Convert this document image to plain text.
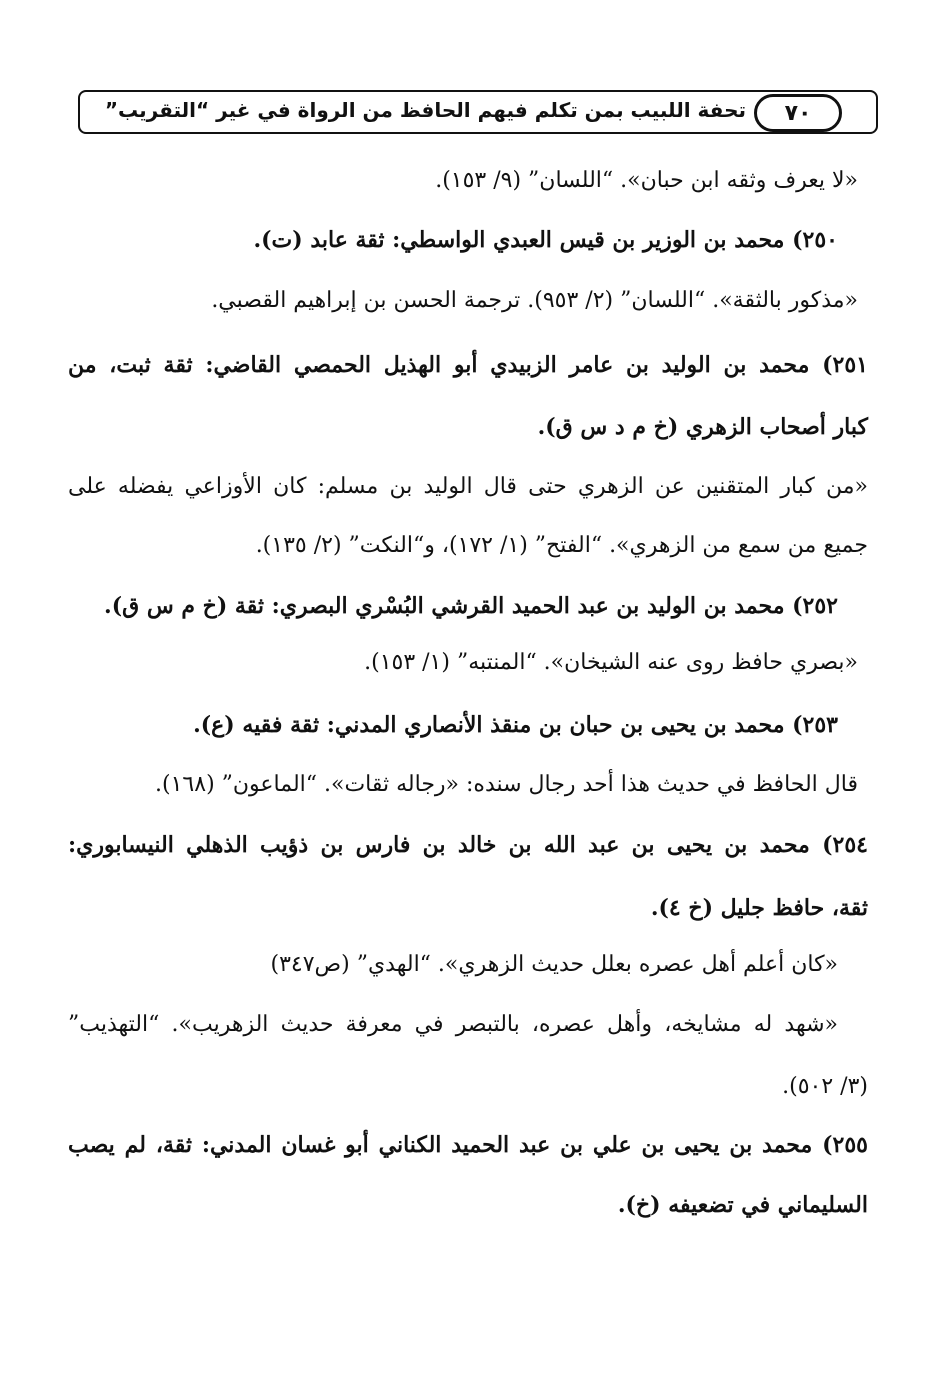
تحفة اللبيب بمن تكلم فيهم الحافظ من الرواة في غير “التقريب” ٧٠
«لا يعرف وثقه ابن حبان». “اللسان” (٩/ ١٥٣).
٢٥٠) محمد بن الوزير بن قيس العبدي الواسطي: ثقة عابد (ت).
«مذكور بالثقة». “اللسان” (٢/ ٩٥٣). ترجمة الحسن بن إبراهيم القصبي.
٢٥١) محمد بن الوليد بن عامر الزبيدي أبو الهذيل الحمصي القاضي: ثقة ثبت، من
كبار أصحاب الزهري (خ م د س ق).
«من كبار المتقنين عن الزهري حتى قال الوليد بن مسلم: كان الأوزاعي يفضله على
جميع من سمع من الزهري». “الفتح” (١/ ١٧٢)، و“النكت” (٢/ ١٣٥).
٢٥٢) محمد بن الوليد بن عبد الحميد القرشي البُسْري البصري: ثقة (خ م س ق).
«بصري حافظ روى عنه الشيخان». “المنتبه” (١/ ١٥٣).
٢٥٣) محمد بن يحيى بن حبان بن منقذ الأنصاري المدني: ثقة فقيه (ع).
قال الحافظ في حديث هذا أحد رجال سنده: «رجاله ثقات». “الماعون” (١٦٨).
٢٥٤) محمد بن يحيى بن عبد الله بن خالد بن فارس بن ذؤيب الذهلي النيسابوري:
ثقة، حافظ جليل (خ ٤).
«كان أعلم أهل عصره بعلل حديث الزهري». “الهدي” (ص٣٤٧)
«شهد له مشايخه، وأهل عصره، بالتبصر في معرفة حديث الزهريب». “التهذيب”
(٣/ ٥٠٢).
٢٥٥) محمد بن يحيى بن علي بن عبد الحميد الكناني أبو غسان المدني: ثقة، لم يصب
السليماني في تضعيفه (خ).
